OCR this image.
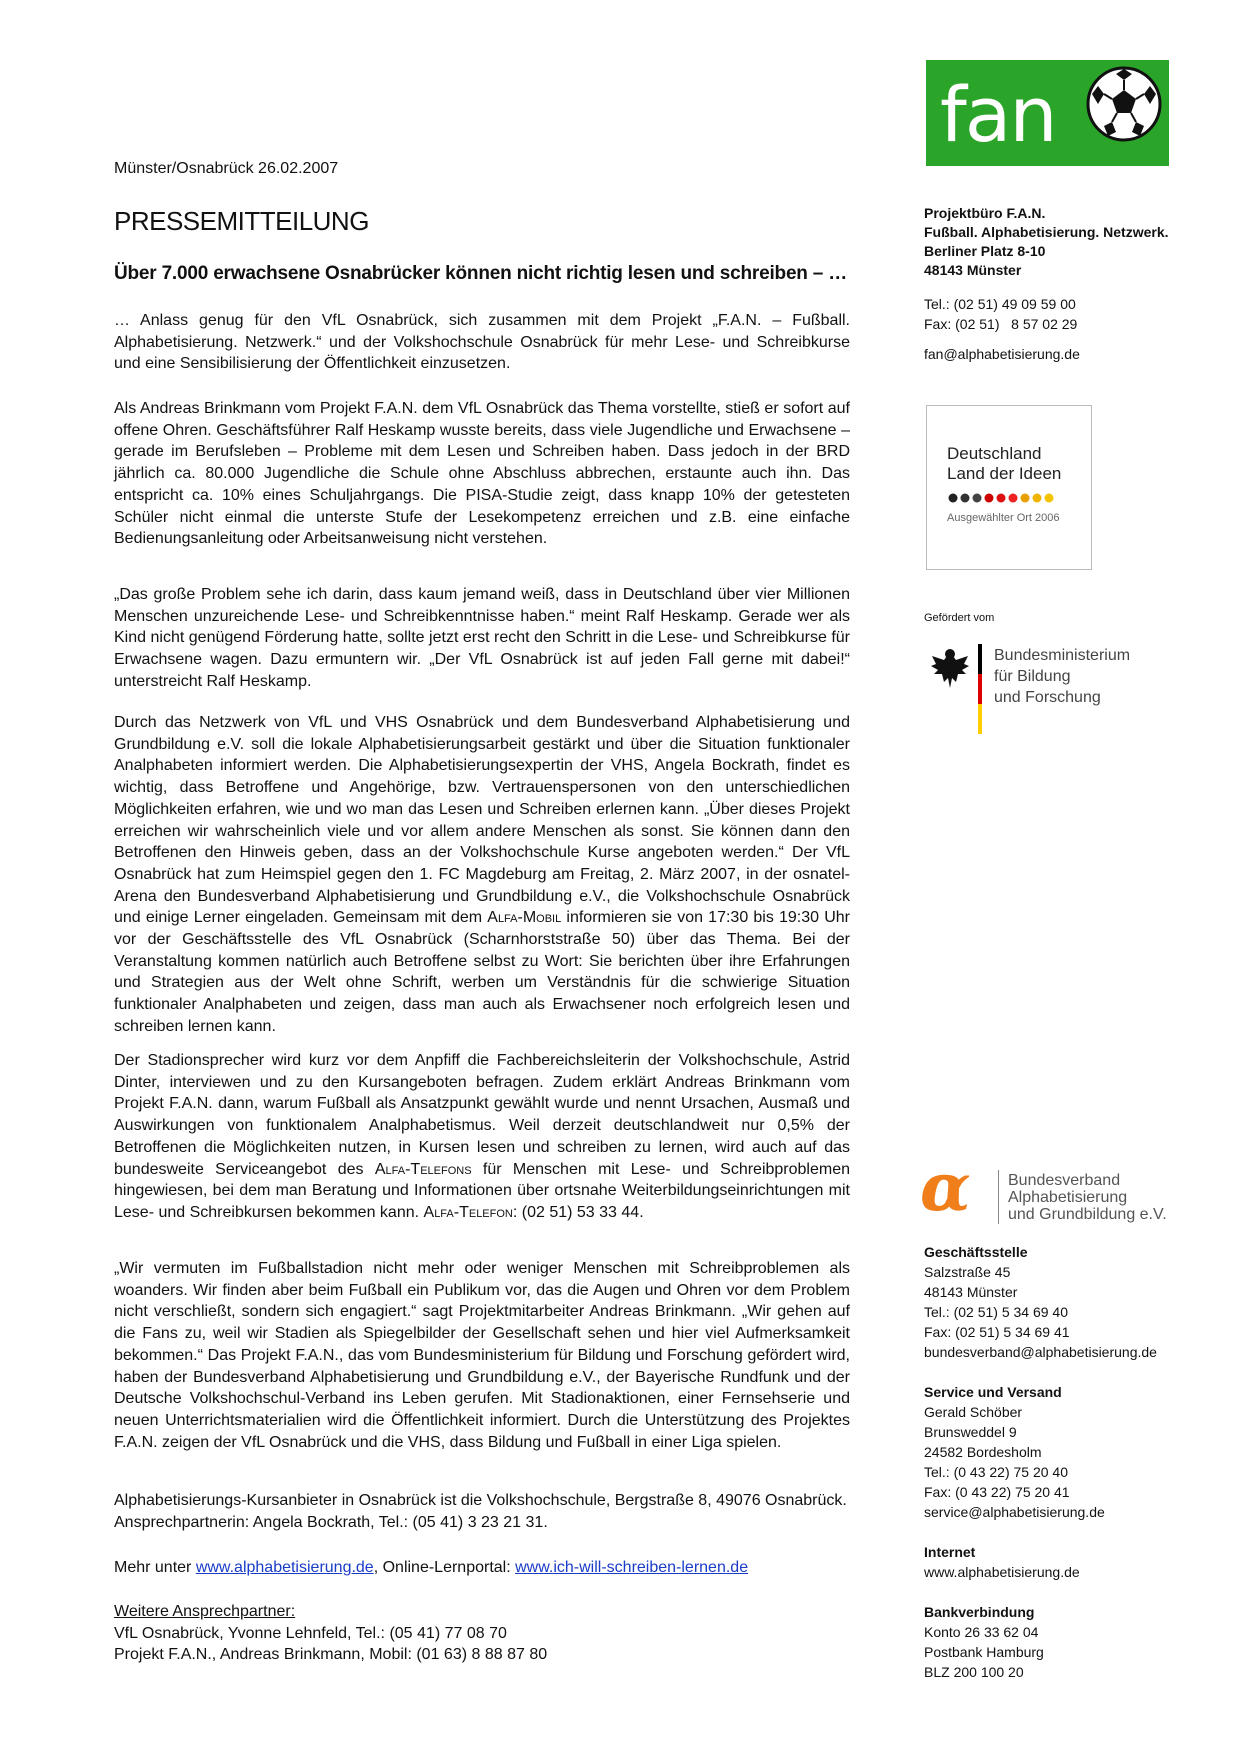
Münster/Osnabrück 26.02.2007
PRESSEMITTEILUNG
Über 7.000 erwachsene Osnabrücker können nicht richtig lesen und schreiben – …

… Anlass genug für den VfL Osnabrück, sich zusammen mit dem Projekt „F.A.N. – Fußball. Alphabetisierung. Netzwerk.“ und der Volkshochschule Osnabrück für mehr Lese- und Schreibkurse und eine Sensibilisierung der Öffentlichkeit einzusetzen.

Als Andreas Brinkmann vom Projekt F.A.N. dem VfL Osnabrück das Thema vorstellte, stieß er sofort auf offene Ohren. Geschäftsführer Ralf Heskamp wusste bereits, dass viele Jugendliche und Erwachsene – gerade im Berufsleben – Probleme mit dem Lesen und Schreiben haben. Dass jedoch in der BRD jährlich ca. 80.000 Jugendliche die Schule ohne Abschluss abbrechen, erstaunte auch ihn. Das entspricht ca. 10% eines Schuljahrgangs. Die PISA-Studie zeigt, dass knapp 10% der getesteten Schüler nicht einmal die unterste Stufe der Lesekompetenz erreichen und z.B. eine einfache Bedienungsanleitung oder Arbeitsanweisung nicht verstehen.

„Das große Problem sehe ich darin, dass kaum jemand weiß, dass in Deutschland über vier Millionen Menschen unzureichende Lese- und Schreibkenntnisse haben.“ meint Ralf Heskamp. Gerade wer als Kind nicht genügend Förderung hatte, sollte jetzt erst recht den Schritt in die Lese- und Schreibkurse für Erwachsene wagen. Dazu ermuntern wir. „Der VfL Osnabrück ist auf jeden Fall gerne mit dabei!“ unterstreicht Ralf Heskamp.

Durch das Netzwerk von VfL und VHS Osnabrück und dem Bundesverband Alphabetisierung und Grundbildung e.V. soll die lokale Alphabetisierungsarbeit gestärkt und über die Situation funktionaler Analphabeten informiert werden. Die Alphabetisierungsexpertin der VHS, Angela Bockrath, findet es wichtig, dass Betroffene und Angehörige, bzw. Vertrauenspersonen von den unterschiedlichen Möglichkeiten erfahren, wie und wo man das Lesen und Schreiben erlernen kann. „Über dieses Projekt erreichen wir wahrscheinlich viele und vor allem andere Menschen als sonst. Sie können dann den Betroffenen den Hinweis geben, dass an der Volkshochschule Kurse angeboten werden.“ Der VfL Osnabrück hat zum Heimspiel gegen den 1. FC Magdeburg am Freitag, 2. März 2007, in der osnatel-Arena den Bundesverband Alphabetisierung und Grundbildung e.V., die Volkshochschule Osnabrück und einige Lerner eingeladen. Gemeinsam mit dem Alfa-Mobil informieren sie von 17:30 bis 19:30 Uhr vor der Geschäftsstelle des VfL Osnabrück (Scharnhorststraße 50) über das Thema. Bei der Veranstaltung kommen natürlich auch Betroffene selbst zu Wort: Sie berichten über ihre Erfahrungen und Strategien aus der Welt ohne Schrift, werben um Verständnis für die schwierige Situation funktionaler Analphabeten und zeigen, dass man auch als Erwachsener noch erfolgreich lesen und schreiben lernen kann.

Der Stadionsprecher wird kurz vor dem Anpfiff die Fachbereichsleiterin der Volkshochschule, Astrid Dinter, interviewen und zu den Kursangeboten befragen. Zudem erklärt Andreas Brinkmann vom Projekt F.A.N. dann, warum Fußball als Ansatzpunkt gewählt wurde und nennt Ursachen, Ausmaß und Auswirkungen von funktionalem Analphabetismus. Weil derzeit deutschlandweit nur 0,5% der Betroffenen die Möglichkeiten nutzen, in Kursen lesen und schreiben zu lernen, wird auch auf das bundesweite Serviceangebot des Alfa-Telefons für Menschen mit Lese- und Schreibproblemen hingewiesen, bei dem man Beratung und Informationen über ortsnahe Weiterbildungseinrichtungen mit Lese- und Schreibkursen bekommen kann. Alfa-Telefon: (02 51) 53 33 44.

„Wir vermuten im Fußballstadion nicht mehr oder weniger Menschen mit Schreibproblemen als woanders. Wir finden aber beim Fußball ein Publikum vor, das die Augen und Ohren vor dem Problem nicht verschließt, sondern sich engagiert.“ sagt Projektmitarbeiter Andreas Brinkmann. „Wir gehen auf die Fans zu, weil wir Stadien als Spiegelbilder der Gesellschaft sehen und hier viel Aufmerksamkeit bekommen.“ Das Projekt F.A.N., das vom Bundesministerium für Bildung und Forschung gefördert wird, haben der Bundesverband Alphabetisierung und Grundbildung e.V., der Bayerische Rundfunk und der Deutsche Volkshochschul-Verband ins Leben gerufen. Mit Stadionaktionen, einer Fernsehserie und neuen Unterrichtsmaterialien wird die Öffentlichkeit informiert. Durch die Unterstützung des Projektes F.A.N. zeigen der VfL Osnabrück und die VHS, dass Bildung und Fußball in einer Liga spielen.

Alphabetisierungs-Kursanbieter in Osnabrück ist die Volkshochschule, Bergstraße 8, 49076 Osnabrück.
Ansprechpartnerin: Angela Bockrath, Tel.: (05 41) 3 23 21 31.

Mehr unter www.alphabetisierung.de, Online-Lernportal: www.ich-will-schreiben-lernen.de

Weitere Ansprechpartner:
VfL Osnabrück, Yvonne Lehnfeld, Tel.: (05 41) 77 08 70
Projekt F.A.N., Andreas Brinkmann, Mobil: (01 63) 8 88 87 80

fan
Projektbüro F.A.N.
Fußball. Alphabetisierung. Netzwerk.
Berliner Platz 8-10
48143 Münster
Tel.: (02 51) 49 09 59 00
Fax: (02 51)   8 57 02 29
fan@alphabetisierung.de
Deutschland
Land der Ideen
Ausgewählter Ort 2006
Gefördert vom
Bundesministerium
für Bildung
und Forschung
α Bundesverband
Alphabetisierung
und Grundbildung e.V.
Geschäftsstelle
Salzstraße 45
48143 Münster
Tel.: (02 51) 5 34 69 40
Fax: (02 51) 5 34 69 41
bundesverband@alphabetisierung.de
Service und Versand
Gerald Schöber
Brunsweddel 9
24582 Bordesholm
Tel.: (0 43 22) 75 20 40
Fax: (0 43 22) 75 20 41
service@alphabetisierung.de
Internet
www.alphabetisierung.de
Bankverbindung
Konto 26 33 62 04
Postbank Hamburg
BLZ 200 100 20
